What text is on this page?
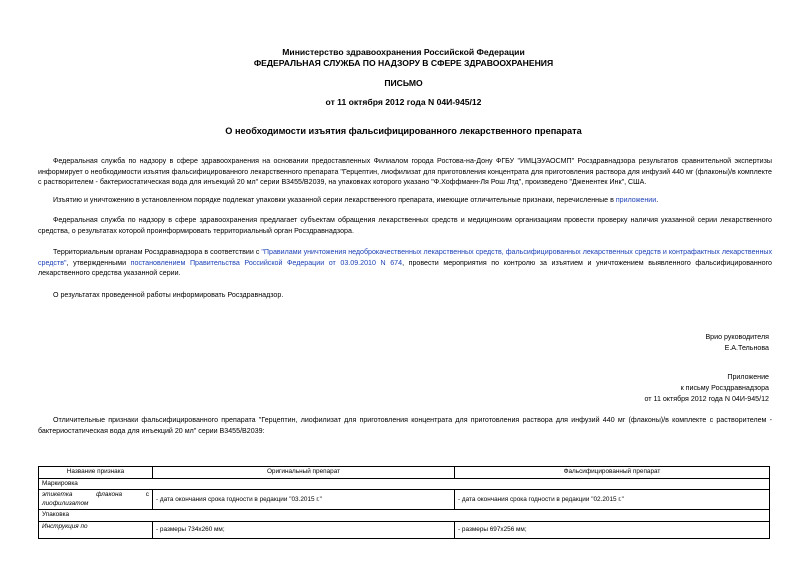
Министерство здравоохранения Российской Федерации
ФЕДЕРАЛЬНАЯ СЛУЖБА ПО НАДЗОРУ В СФЕРЕ ЗДРАВООХРАНЕНИЯ
ПИСЬМО
от 11 октября 2012 года N 04И-945/12
О необходимости изъятия фальсифицированного лекарственного препарата
Федеральная служба по надзору в сфере здравоохранения на основании предоставленных Филиалом города Ростова-на-Дону ФГБУ "ИМЦЭУАОСМП" Росздравнадзора результатов сравнительной экспертизы информирует о необходимости изъятия фальсифицированного лекарственного препарата "Герцептин, лиофилизат для приготовления концентрата для приготовления раствора для инфузий 440 мг (флаконы)/в комплекте с растворителем - бактериостатическая вода для инъекций 20 мл" серии В3455/В2039, на упаковках которого указано "Ф.Хоффманн-Ля Рош Лтд", произведено "Дженентек Инк", США.
Изъятию и уничтожению в установленном порядке подлежат упаковки указанной серии лекарственного препарата, имеющие отличительные признаки, перечисленные в приложении.
Федеральная служба по надзору в сфере здравоохранения предлагает субъектам обращения лекарственных средств и медицинским организациям провести проверку наличия указанной серии лекарственного средства, о результатах которой проинформировать территориальный орган Росздравнадзора.
Территориальным органам Росздравнадзора в соответствии с "Правилами уничтожения недоброкачественных лекарственных средств, фальсифицированных лекарственных средств и контрафактных лекарственных средств", утвержденными постановлением Правительства Российской Федерации от 03.09.2010 N 674, провести мероприятия по контролю за изъятием и уничтожением выявленного фальсифицированного лекарственного средства указанной серии.
О результатах проведенной работы информировать Росздравнадзор.
Врио руководителя
Е.А.Тельнова
Приложение
к письму Росздравнадзора
от 11 октября 2012 года N 04И-945/12
Отличительные признаки фальсифицированного препарата "Герцептин, лиофилизат для приготовления концентрата для приготовления раствора для инфузий 440 мг (флаконы)/в комплекте с растворителем - бактериостатическая вода для инъекций 20 мл" серии В3455/В2039:
Название признака	Оригинальный препарат	Фальсифицированный препарат
Маркировка		

этикетка флакона с
лиофилизатом	- дата окончания срока годности в редакции "03.2015 г."	- дата окончания срока годности в редакции "02.2015 г."
Упаковка		
Инструкция по	- размеры 734х260 мм;	- размеры 697х256 мм;
